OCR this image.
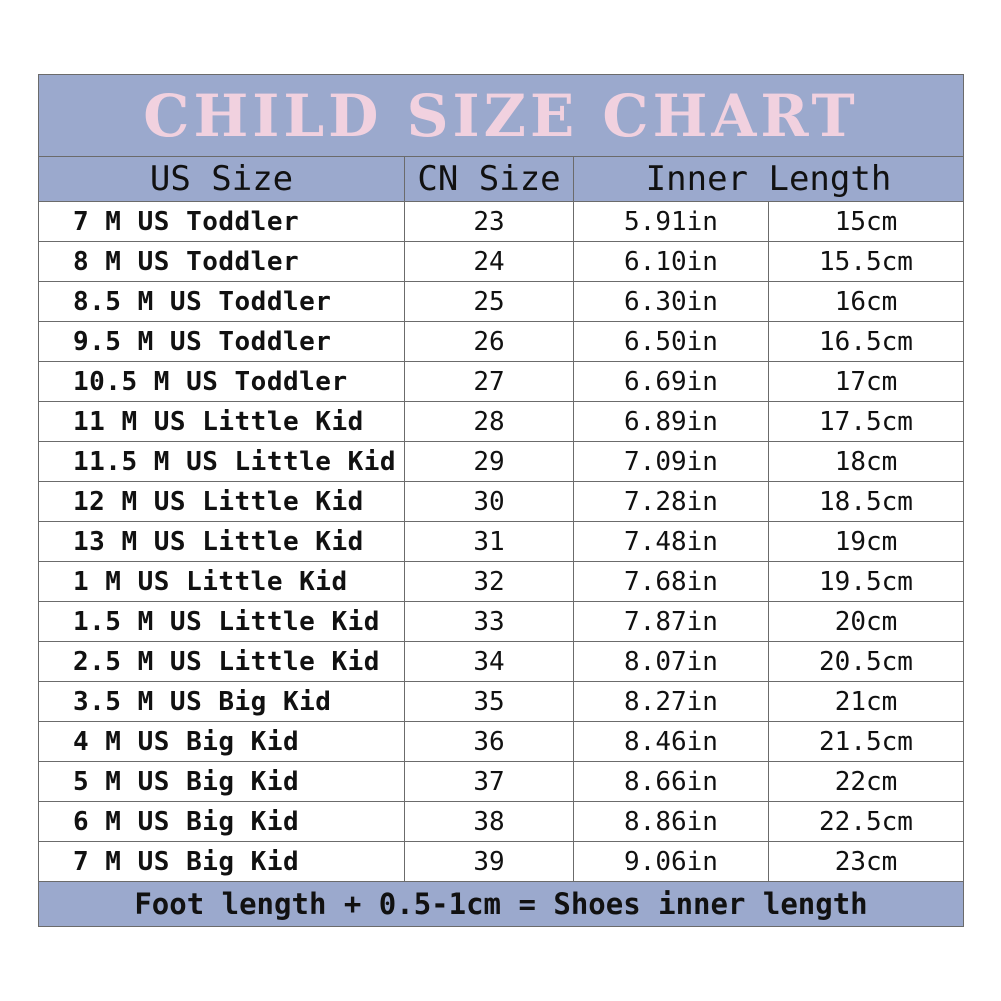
CHILD SIZE CHART
US Size	CN Size	Inner Length
7 M US Toddler	23	5.91in	15cm
8 M US Toddler	24	6.10in	15.5cm
8.5 M US Toddler	25	6.30in	16cm
9.5 M US Toddler	26	6.50in	16.5cm
10.5 M US Toddler	27	6.69in	17cm
11 M US Little Kid	28	6.89in	17.5cm
11.5 M US Little Kid	29	7.09in	18cm
12 M US Little Kid	30	7.28in	18.5cm
13 M US Little Kid	31	7.48in	19cm
1 M US Little Kid	32	7.68in	19.5cm
1.5 M US Little Kid	33	7.87in	20cm
2.5 M US Little Kid	34	8.07in	20.5cm
3.5 M US Big Kid	35	8.27in	21cm
4 M US Big Kid	36	8.46in	21.5cm
5 M US Big Kid	37	8.66in	22cm
6 M US Big Kid	38	8.86in	22.5cm
7 M US Big Kid	39	9.06in	23cm
Foot length + 0.5-1cm = Shoes inner length
